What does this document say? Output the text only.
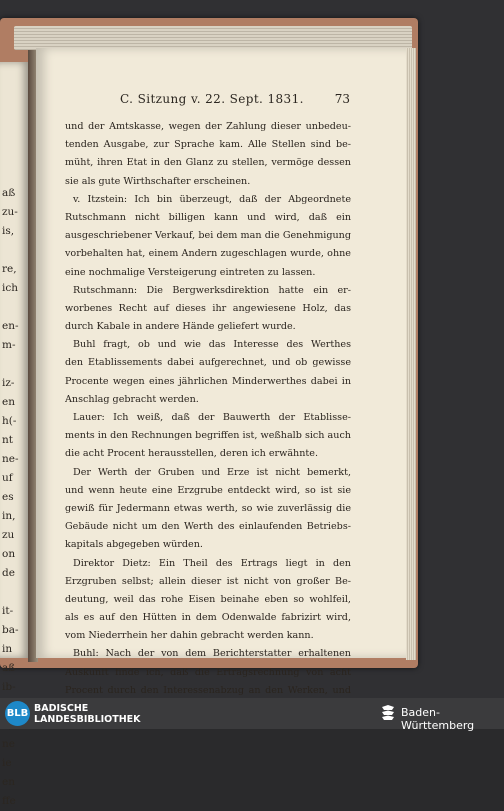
aß
zu-
is,
re,
ich
en-
m-
iz-
en
h(-
nt
ne-
uf
es
in,
zu
on
de
it-
ba-
in
aß
ib-
ne
ie
en
ffe
C. Sitzung v. 22. Sept. 1831.	73
und der Amtskasse, wegen der Zahlung dieser unbedeu-
tenden Ausgabe, zur Sprache kam. Alle Stellen sind be-
müht, ihren Etat in den Glanz zu stellen, vermöge dessen
sie als gute Wirthschafter erscheinen.
v. Itzstein: Ich bin überzeugt, daß der Abgeordnete
Rutschmann nicht billigen kann und wird, daß ein
ausgeschriebener Verkauf, bei dem man die Genehmigung
vorbehalten hat, einem Andern zugeschlagen wurde, ohne
eine nochmalige Versteigerung eintreten zu lassen.
Rutschmann: Die Bergwerksdirektion hatte ein er-
worbenes Recht auf dieses ihr angewiesene Holz, das
durch Kabale in andere Hände geliefert wurde.
Buhl fragt, ob und wie das Interesse des Werthes
den Etablissements dabei aufgerechnet, und ob gewisse
Procente wegen eines jährlichen Minderwerthes dabei in
Anschlag gebracht werden.
Lauer: Ich weiß, daß der Bauwerth der Etablisse-
ments in den Rechnungen begriffen ist, weßhalb sich auch
die acht Procent herausstellen, deren ich erwähnte.
Der Werth der Gruben und Erze ist nicht bemerkt,
und wenn heute eine Erzgrube entdeckt wird, so ist sie
gewiß für Jedermann etwas werth, so wie zuverlässig die
Gebäude nicht um den Werth des einlaufenden Betriebs-
kapitals abgegeben würden.
Direktor Dietz: Ein Theil des Ertrags liegt in den
Erzgruben selbst; allein dieser ist nicht von großer Be-
deutung, weil das rohe Eisen beinahe eben so wohlfeil,
als es auf den Hütten in dem Odenwalde fabrizirt wird,
vom Niederrhein her dahin gebracht werden kann.
Buhl: Nach der von dem Berichterstatter erhaltenen
Auskunft finde ich, daß die Ertragsrechnung von acht
Procent durch den Interessenabzug an den Werken, und
BLB BADISCHE
LANDESBIBLIOTHEK
Baden-Württemberg
